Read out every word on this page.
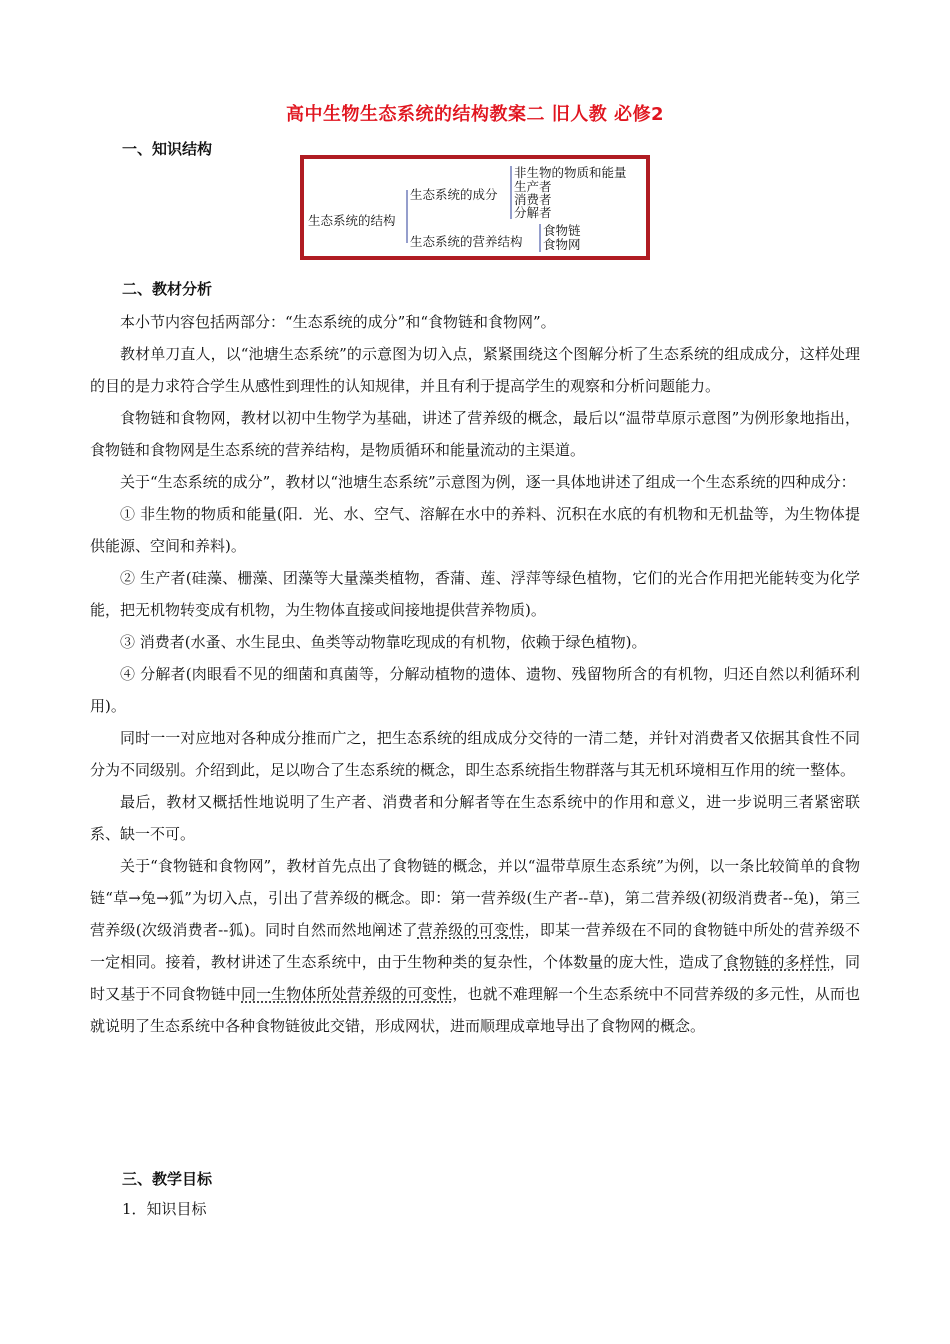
高中生物生态系统的结构教案二 旧人教 必修2
一、知识结构
生态系统的结构
生态系统的成分
生态系统的营养结构
非生物的物质和能量
生产者
消费者
分解者
食物链
食物网
二、教材分析

本小节内容包括两部分：“生态系统的成分”和“食物链和食物网”。

教材单刀直人，以“池塘生态系统”的示意图为切入点，紧紧围绕这个图解分析了生态系统的组成成分，这样处理的目的是力求符合学生从感性到理性的认知规律，并且有利于提高学生的观察和分析问题能力。

食物链和食物网，教材以初中生物学为基础，讲述了营养级的概念，最后以“温带草原示意图”为例形象地指出，食物链和食物网是生态系统的营养结构，是物质循环和能量流动的主渠道。

关于“生态系统的成分”，教材以“池塘生态系统”示意图为例，逐一具体地讲述了组成一个生态系统的四种成分：

① 非生物的物质和能量(阳．光、水、空气、溶解在水中的养料、沉积在水底的有机物和无机盐等，为生物体提供能源、空间和养料)。

② 生产者(硅藻、栅藻、团藻等大量藻类植物，香蒲、莲、浮萍等绿色植物，它们的光合作用把光能转变为化学能，把无机物转变成有机物，为生物体直接或间接地提供营养物质)。

③ 消费者(水蚤、水生昆虫、鱼类等动物靠吃现成的有机物，依赖于绿色植物)。

④ 分解者(肉眼看不见的细菌和真菌等，分解动植物的遗体、遗物、残留物所含的有机物，归还自然以利循环利用)。

同时一一对应地对各种成分推而广之，把生态系统的组成成分交待的一清二楚，并针对消费者又依据其食性不同分为不同级别。介绍到此，足以吻合了生态系统的概念，即生态系统指生物群落与其无机环境相互作用的统一整体。

最后，教材又概括性地说明了生产者、消费者和分解者等在生态系统中的作用和意义，进一步说明三者紧密联系、缺一不可。

关于“食物链和食物网”，教材首先点出了食物链的概念，并以“温带草原生态系统”为例，以一条比较简单的食物链“草→兔→狐”为切入点，引出了营养级的概念。即：第一营养级(生产者--草)，第二营养级(初级消费者--兔)，第三营养级(次级消费者--狐)。同时自然而然地阐述了营养级的可变性，即某一营养级在不同的食物链中所处的营养级不一定相同。接着，教材讲述了生态系统中，由于生物种类的复杂性，个体数量的庞大性，造成了食物链的多样性，同时又基于不同食物链中同一生物体所处营养级的可变性，也就不难理解一个生态系统中不同营养级的多元性，从而也就说明了生态系统中各种食物链彼此交错，形成网状，进而顺理成章地导出了食物网的概念。

三、教学目标
1．知识目标
